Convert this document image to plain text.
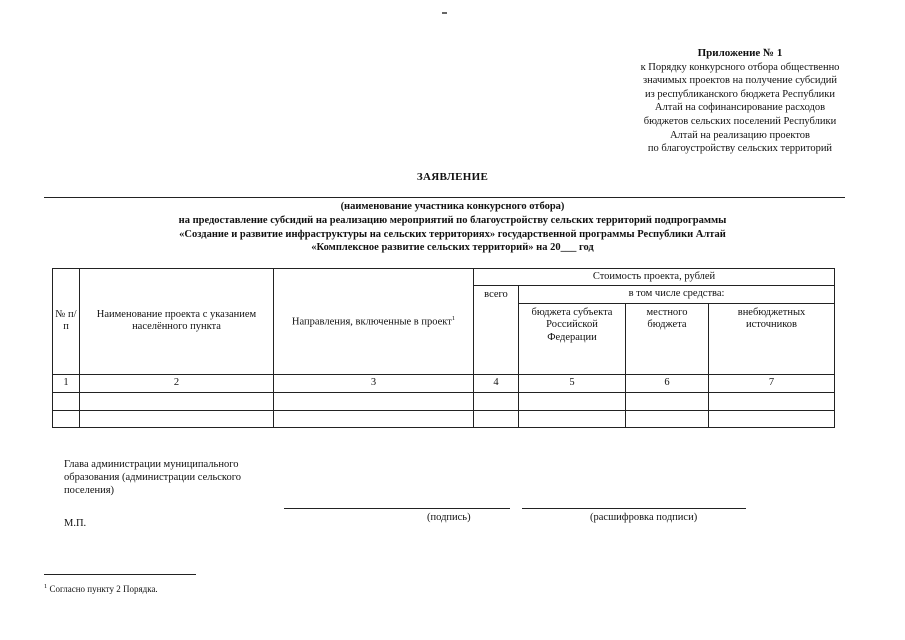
Приложение № 1
к Порядку конкурсного отбора общественно
значимых проектов на получение субсидий
из республиканского бюджета Республики
Алтай на софинансирование расходов
бюджетов сельских поселений Республики
Алтай на реализацию проектов
по благоустройству сельских территорий
ЗАЯВЛЕНИЕ
(наименование участника конкурсного отбора)
на предоставление субсидий на реализацию мероприятий по благоустройству сельских территорий подпрограммы
«Создание и развитие инфраструктуры на сельских территориях» государственной программы Республики Алтай
«Комплексное развитие сельских территорий» на 20___ год
№ п/п	Наименование проекта с указанием населённого пункта	Направления, включенные в проект$^1$	Стоимость проекта, рублей			
			всего	в том числе средства:		
				бюджета субъекта Российской Федерации	местного бюджета	внебюджетных источников
1	2	3	4	5	6	7

Глава администрации муниципального образования (администрации сельского поселения)
М.П.
(подпись)	(расшифровка подписи)
$^1$ Согласно пункту 2 Порядка.
